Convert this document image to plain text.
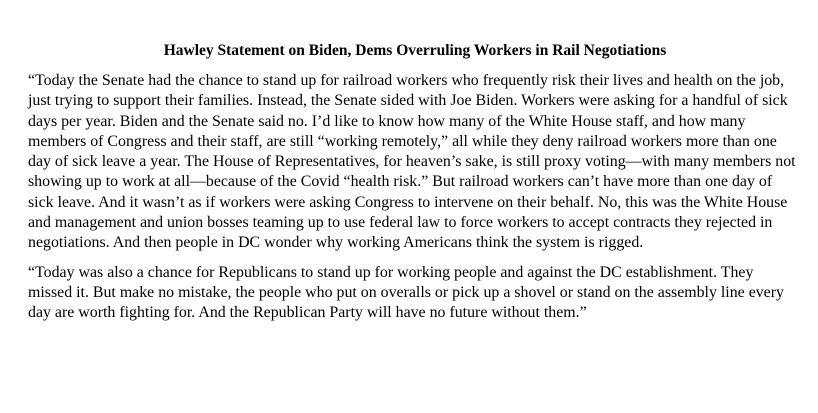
Hawley Statement on Biden, Dems Overruling Workers in Rail Negotiations

“Today the Senate had the chance to stand up for railroad workers who frequently risk their lives and health on the job, just trying to support their families. Instead, the Senate sided with Joe Biden. Workers were asking for a handful of sick days per year. Biden and the Senate said no. I’d like to know how many of the White House staff, and how many members of Congress and their staff, are still “working remotely,” all while they deny railroad workers more than one day of sick leave a year. The House of Representatives, for heaven’s sake, is still proxy voting—with many members not showing up to work at all—because of the Covid “health risk.” But railroad workers can’t have more than one day of sick leave. And it wasn’t as if workers were asking Congress to intervene on their behalf. No, this was the White House and management and union bosses teaming up to use federal law to force workers to accept contracts they rejected in negotiations. And then people in DC wonder why working Americans think the system is rigged.

“Today was also a chance for Republicans to stand up for working people and against the DC establishment. They missed it. But make no mistake, the people who put on overalls or pick up a shovel or stand on the assembly line every day are worth fighting for. And the Republican Party will have no future without them.”
